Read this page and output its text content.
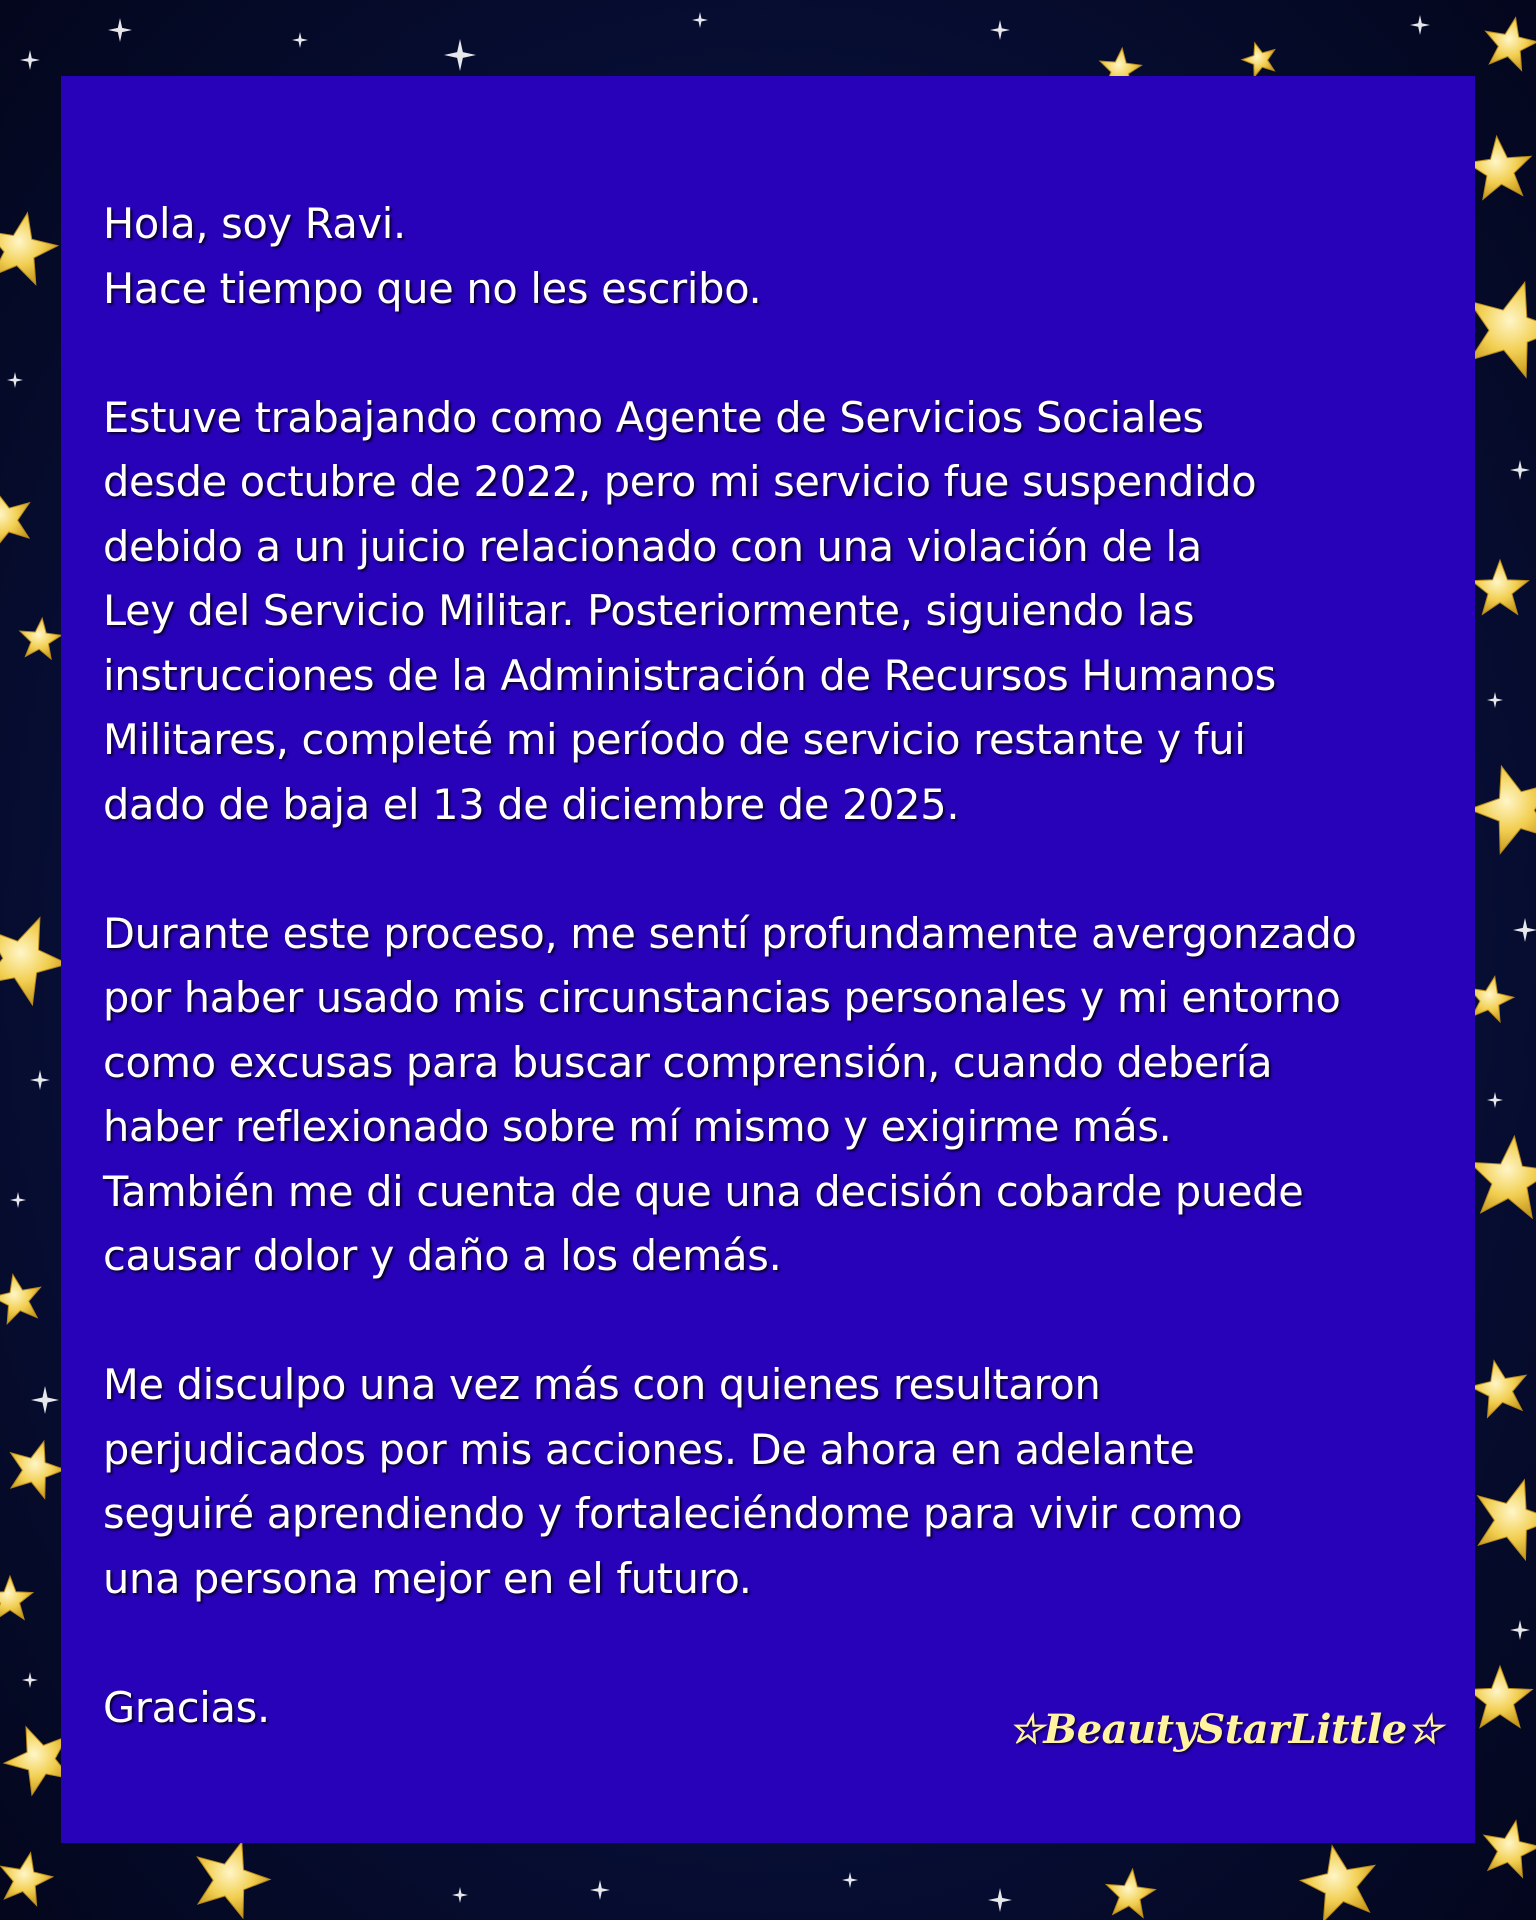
Hola, soy Ravi.
Hace tiempo que no les escribo.
Estuve trabajando como Agente de Servicios Sociales
desde octubre de 2022, pero mi servicio fue suspendido
debido a un juicio relacionado con una violación de la
Ley del Servicio Militar. Posteriormente, siguiendo las
instrucciones de la Administración de Recursos Humanos
Militares, completé mi período de servicio restante y fui
dado de baja el 13 de diciembre de 2025.
Durante este proceso, me sentí profundamente avergonzado
por haber usado mis circunstancias personales y mi entorno
como excusas para buscar comprensión, cuando debería
haber reflexionado sobre mí mismo y exigirme más.
También me di cuenta de que una decisión cobarde puede
causar dolor y daño a los demás.
Me disculpo una vez más con quienes resultaron
perjudicados por mis acciones. De ahora en adelante
seguiré aprendiendo y fortaleciéndome para vivir como
una persona mejor en el futuro.
Gracias.	☆BeautyStarLittle☆
